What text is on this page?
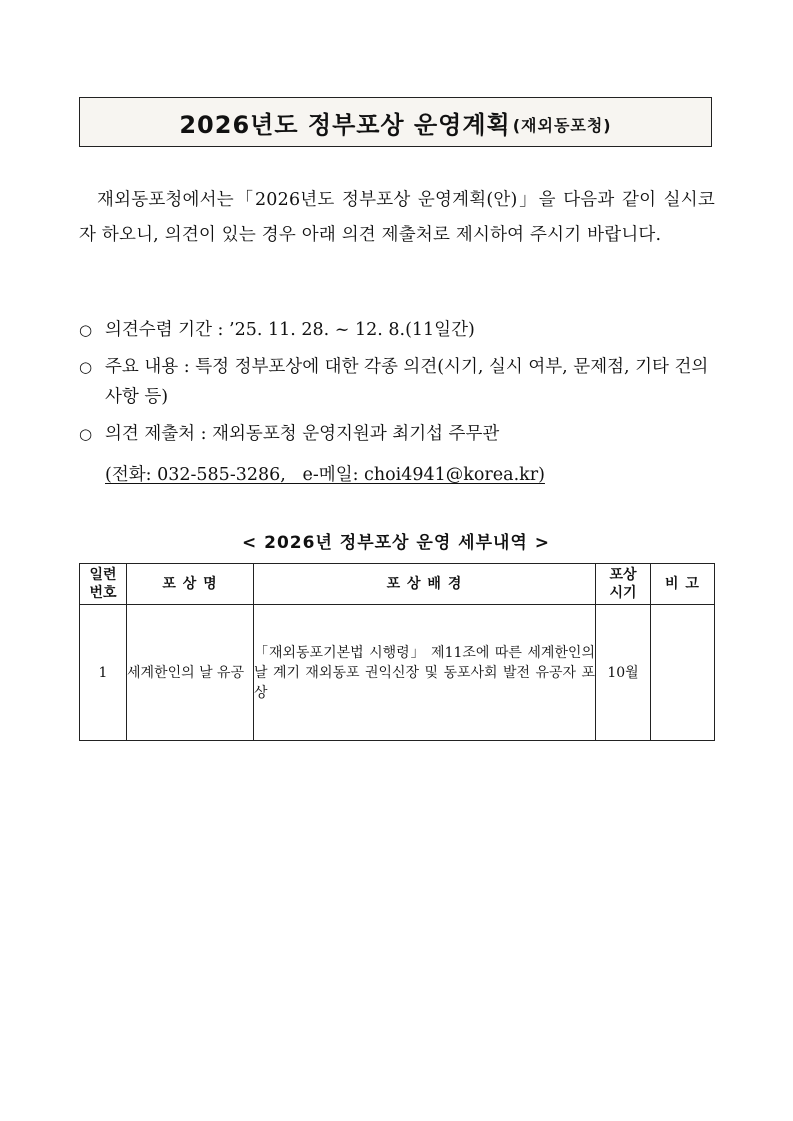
2026년도 정부포상 운영계획 (재외동포청)

재외동포청에서는「2026년도 정부포상 운영계획(안)」을 다음과 같이 실시코자 하오니, 의견이 있는 경우 아래 의견 제출처로 제시하여 주시기 바랍니다.

○ 의견수렴 기간 : ’25. 11. 28. ~ 12. 8.(11일간)

○ 주요 내용 : 특정 정부포상에 대한 각종 의견(시기, 실시 여부, 문제점, 기타 건의 사항 등)

○ 의견 제출처 : 재외동포청 운영지원과 최기섭 주무관

(전화: 032-585-3286,   e-메일: choi4941@korea.kr)
< 2026년 정부포상 운영 세부내역 >
일련번호	포 상 명	포 상 배 경	포상시기	비 고
1	세계한인의 날 유공	「재외동포기본법 시행령」 제11조에 따른 세계한인의 날 계기 재외동포 권익신장 및 동포사회 발전 유공자 포상	10월	
